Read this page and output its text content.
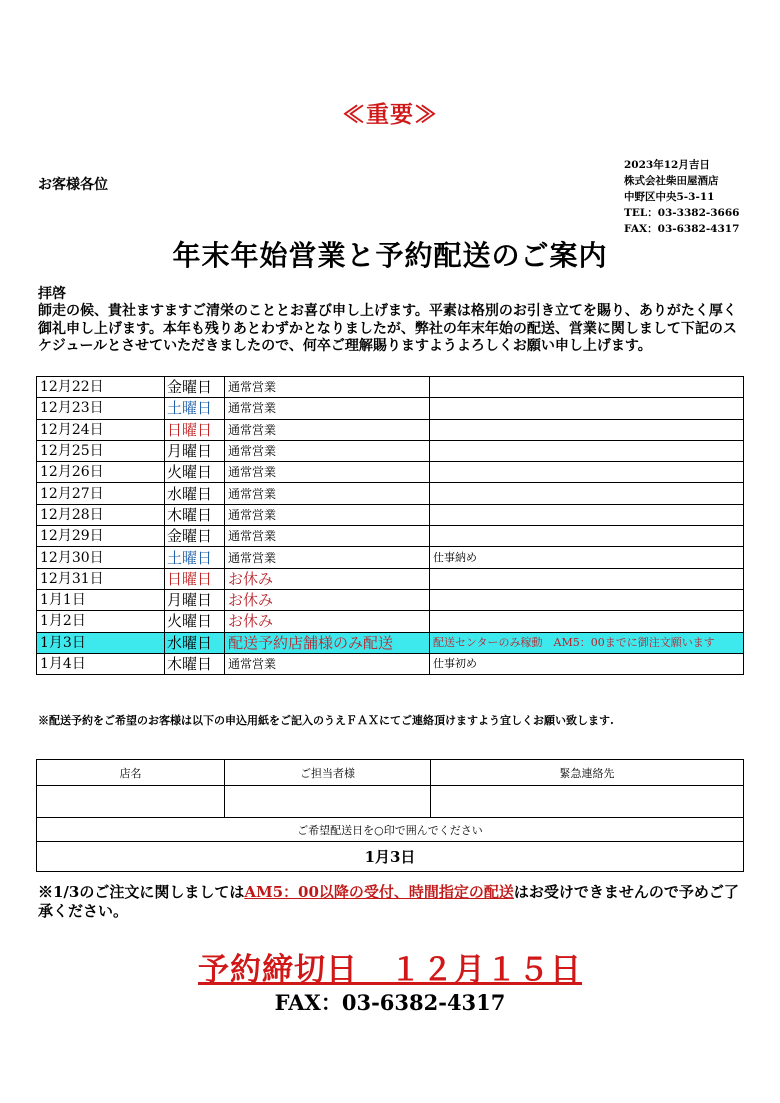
≪重要≫
お客様各位
2023年12月吉日
株式会社柴田屋酒店
中野区中央5-3-11
TEL：03-3382-3666
FAX：03-6382-4317
年末年始営業と予約配送のご案内
拝啓
師走の候、貴社ますますご清栄のこととお喜び申し上げます。平素は格別のお引き立てを賜り、ありがたく厚く御礼申し上げます。本年も残りあとわずかとなりましたが、弊社の年末年始の配送、営業に関しまして下記のスケジュールとさせていただきましたので、何卒ご理解賜りますようよろしくお願い申し上げます。
12月22日	金曜日	通常営業	
12月23日	土曜日	通常営業	
12月24日	日曜日	通常営業	
12月25日	月曜日	通常営業	
12月26日	火曜日	通常営業	
12月27日	水曜日	通常営業	
12月28日	木曜日	通常営業	
12月29日	金曜日	通常営業	
12月30日	土曜日	通常営業	仕事納め
12月31日	日曜日	お休み	
1月1日	月曜日	お休み	
1月2日	火曜日	お休み	
1月3日	水曜日	配送予約店舗様のみ配送	配送センターのみ稼動　AM5：00までに御注文願います
1月4日	木曜日	通常営業	仕事初め
※配送予約をご希望のお客様は以下の申込用紙をご記入のうえＦＡＸにてご連絡頂けますよう宜しくお願い致します.
店名	ご担当者様	緊急連絡先

ご希望配送日を○印で囲んでください		
1月3日		
※1/3のご注文に関しましてはAM5：00以降の受付、時間指定の配送はお受けできませんので予めご了承ください。
予約締切日　１２月１５日
FAX：03-6382-4317
